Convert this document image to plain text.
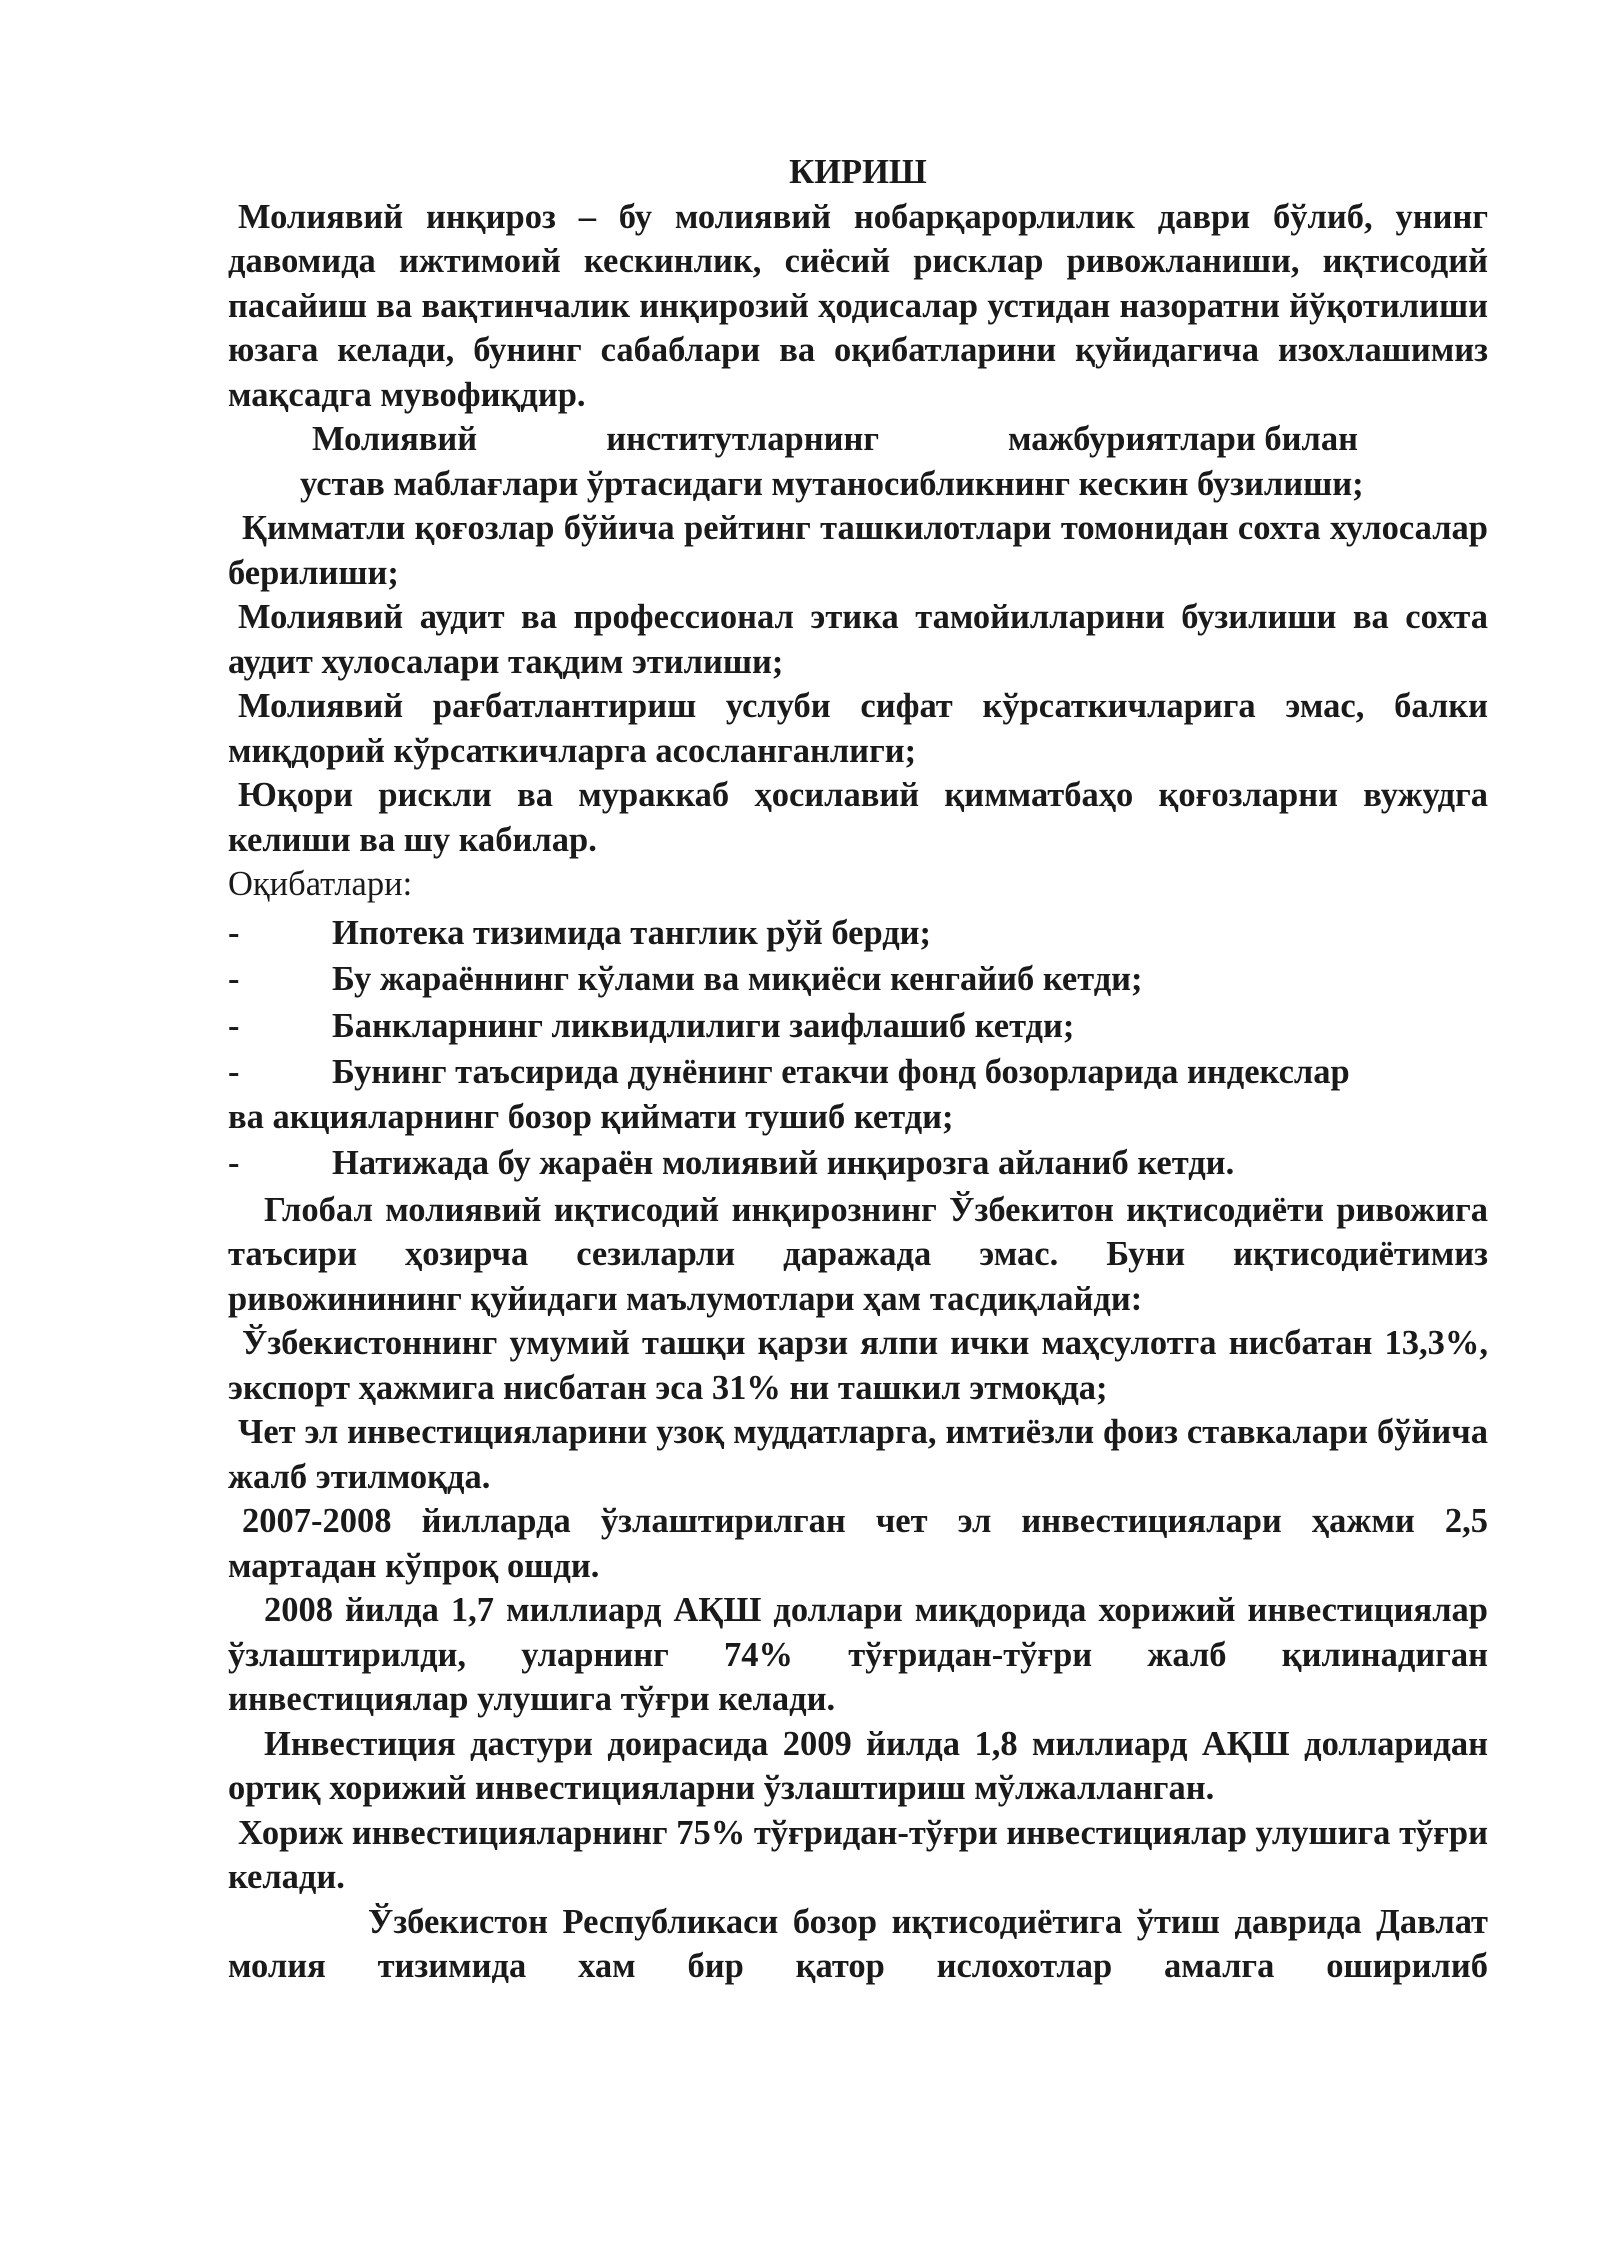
КИРИШ

Молиявий инқироз – бу молиявий нобарқарорлилик даври бўлиб, унинг давомида ижтимоий кескинлик, сиёсий рисклар ривожланиши, иқтисодий пасайиш ва вақтинчалик инқирозий ҳодисалар устидан назоратни йўқотилиши юзага келади, бунинг сабаблари ва оқибатларини қуйидагича изохлашимиз мақсадга мувофиқдир.

Молиявий	институтларнинг	мажбуриятлари билан
устав маблағлари ўртасидаги мутаносибликнинг кескин бузилиши;

Қимматли қоғозлар бўйича рейтинг ташкилотлари томонидан сохта хулосалар берилиши;

Молиявий аудит ва профессионал этика тамойилларини бузилиши ва сохта аудит хулосалари тақдим этилиши;

Молиявий рағбатлантириш услуби сифат кўрсаткичларига эмас, балки миқдорий кўрсаткичларга асосланганлиги;

Юқори рискли ва мураккаб ҳосилавий қимматбаҳо қоғозларни вужудга келиши ва шу кабилар.

Оқибатлари:

-	Ипотека тизимида танглик рўй берди;
-	Бу жараённинг кўлами ва миқиёси кенгайиб кетди;
-	Банкларнинг ликвидлилиги заифлашиб кетди;
-	Бунинг таъсирида дунёнинг етакчи фонд бозорларида индекслар
ва акцияларнинг бозор қиймати тушиб кетди;
-	Натижада бу жараён молиявий инқирозга айланиб кетди.

Глобал молиявий иқтисодий инқирознинг Ўзбекитон иқтисодиёти ривожига таъсири ҳозирча сезиларли даражада эмас. Буни иқтисодиётимиз ривожинининг қуйидаги маълумотлари ҳам тасдиқлайди:

Ўзбекистоннинг умумий ташқи қарзи ялпи ички маҳсулотга нисбатан 13,3%, экспорт ҳажмига нисбатан эса 31% ни ташкил этмоқда;

Чет эл инвестицияларини узоқ муддатларга, имтиёзли фоиз ставкалари бўйича жалб этилмоқда.

2007-2008 йилларда ўзлаштирилган чет эл инвестициялари ҳажми 2,5 мартадан кўпроқ ошди.

2008 йилда 1,7 миллиард АҚШ доллари миқдорида хорижий инвестициялар ўзлаштирилди, уларнинг 74% тўғридан-тўғри жалб қилинадиган инвестициялар улушига тўғри келади.

Инвестиция дастури доирасида 2009 йилда 1,8 миллиард АҚШ долларидан ортиқ хорижий инвестицияларни ўзлаштириш мўлжалланган.

Хориж инвестицияларнинг 75% тўғридан-тўғри инвестициялар улушига тўғри келади.

Ўзбекистон Республикаси бозор иқтисодиётига ўтиш даврида Давлат молия тизимида хам бир қатор ислохотлар амалга оширилиб
